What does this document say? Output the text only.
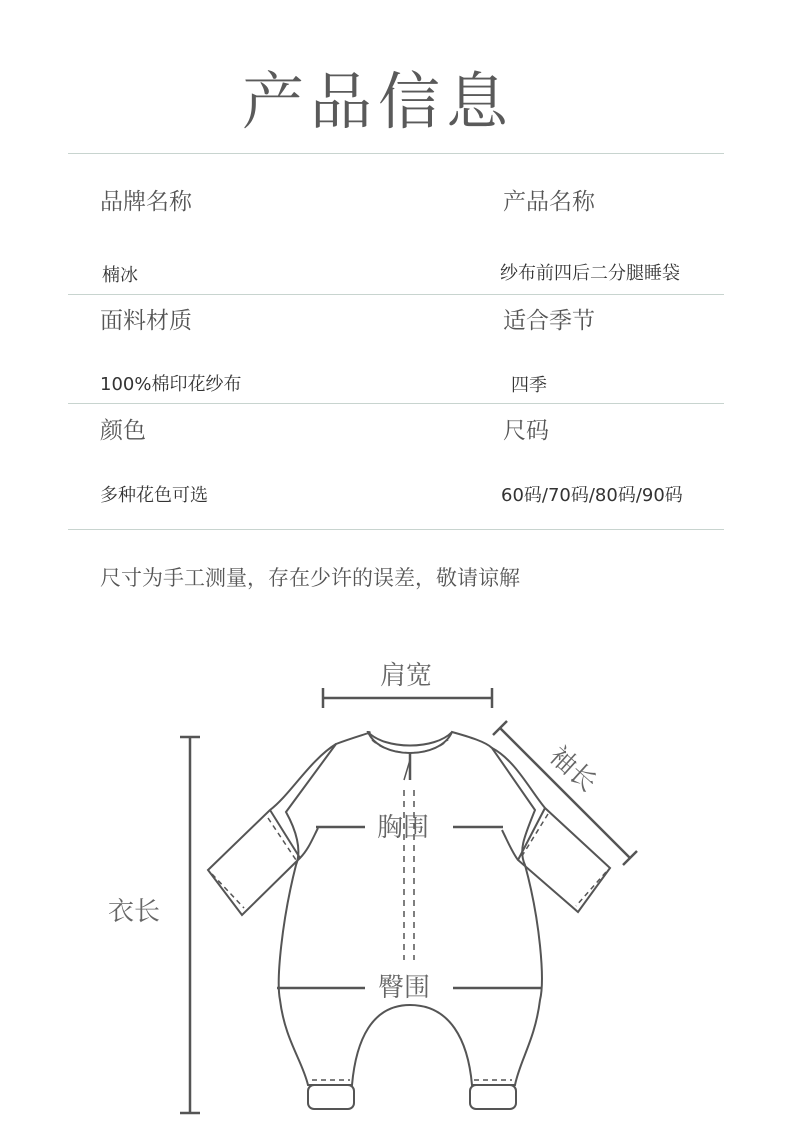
产品信息
品牌名称
楠冰
产品名称
纱布前四后二分腿睡袋
面料材质
100%棉印花纱布
适合季节
四季
颜色
多种花色可选
尺码
60码/70码/80码/90码
尺寸为手工测量，存在少许的误差，敬请谅解
肩宽
袖长
胸围
衣长
臀围
